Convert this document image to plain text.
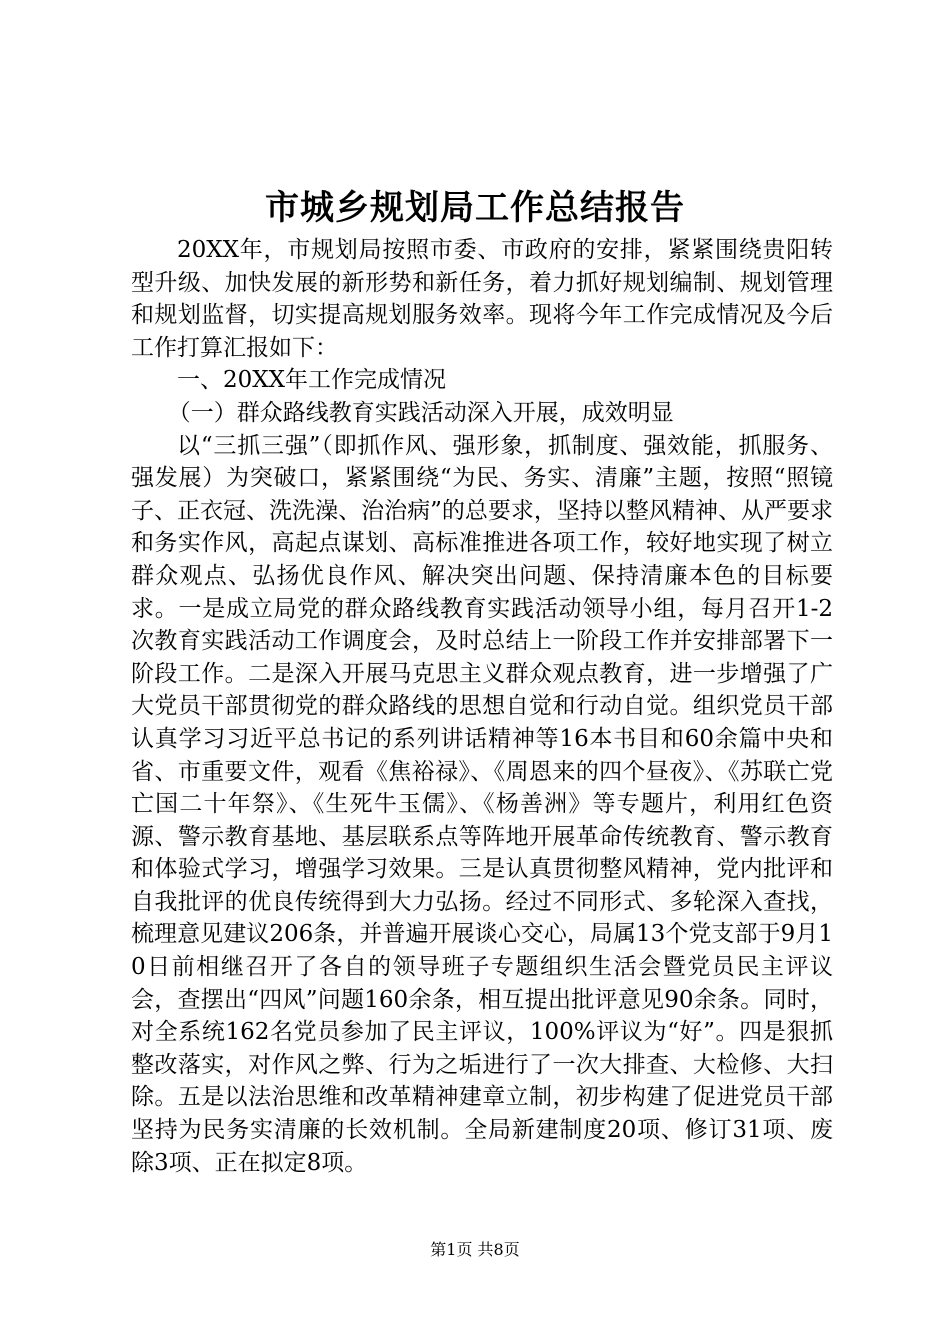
市城乡规划局工作总结报告

20XX年，市规划局按照市委、市政府的安排，紧紧围绕贵阳转型升级、加快发展的新形势和新任务，着力抓好规划编制、规划管理和规划监督，切实提高规划服务效率。现将今年工作完成情况及今后工作打算汇报如下：

一、20XX年工作完成情况

（一）群众路线教育实践活动深入开展，成效明显

以“三抓三强”（即抓作风、强形象，抓制度、强效能，抓服务、强发展）为突破口，紧紧围绕“为民、务实、清廉”主题，按照“照镜子、正衣冠、洗洗澡、治治病”的总要求，坚持以整风精神、从严要求和务实作风，高起点谋划、高标准推进各项工作，较好地实现了树立群众观点、弘扬优良作风、解决突出问题、保持清廉本色的目标要求。一是成立局党的群众路线教育实践活动领导小组，每月召开1-2次教育实践活动工作调度会，及时总结上一阶段工作并安排部署下一阶段工作。二是深入开展马克思主义群众观点教育，进一步增强了广大党员干部贯彻党的群众路线的思想自觉和行动自觉。组织党员干部认真学习习近平总书记的系列讲话精神等16本书目和60余篇中央和省、市重要文件，观看《焦裕禄》、《周恩来的四个昼夜》、《苏联亡党亡国二十年祭》、《生死牛玉儒》、《杨善洲》等专题片，利用红色资源、警示教育基地、基层联系点等阵地开展革命传统教育、警示教育和体验式学习，增强学习效果。三是认真贯彻整风精神，党内批评和自我批评的优良传统得到大力弘扬。经过不同形式、多轮深入查找，梳理意见建议206条，并普遍开展谈心交心，局属13个党支部于9月10日前相继召开了各自的领导班子专题组织生活会暨党员民主评议会，查摆出“四风”问题160余条，相互提出批评意见90余条。同时，对全系统162名党员参加了民主评议，100%评议为“好”。四是狠抓整改落实，对作风之弊、行为之垢进行了一次大排查、大检修、大扫除。五是以法治思维和改革精神建章立制，初步构建了促进党员干部坚持为民务实清廉的长效机制。全局新建制度20项、修订31项、废除3项、正在拟定8项。

第1页 共8页
